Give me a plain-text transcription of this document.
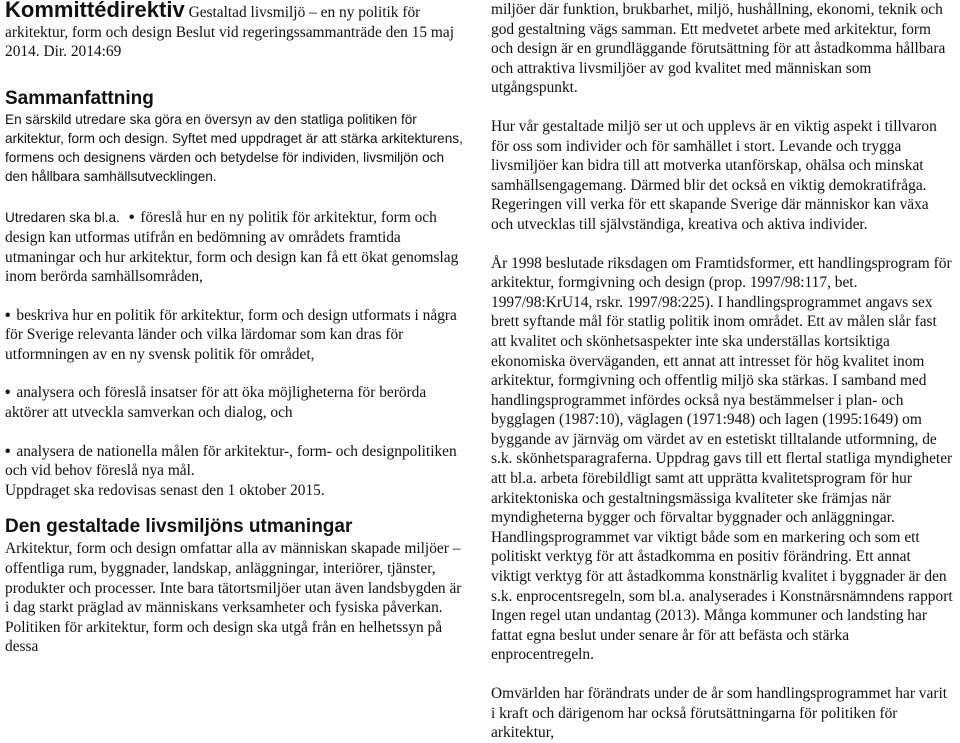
Kommittédirektiv Gestaltad livsmiljö – en ny politik för arkitektur, form och design Beslut vid regeringssammanträde den 15 maj 2014. Dir. 2014:69
Sammanfattning

En särskild utredare ska göra en översyn av den statliga politiken för arkitektur, form och design. Syftet med uppdraget är att stärka arkitekturens, formens och designens värden och betydelse för individen, livsmiljön och den hållbara samhällsutvecklingen.

Utredaren ska bl.a.

•	föreslå hur en ny politik för arkitektur, form och design kan utformas utifrån en bedömning av områdets framtida utmaningar och hur arkitektur, form och design kan få ett ökat genomslag inom berörda samhällsområden,

• beskriva hur en politik för arkitektur, form och design utformats i några för Sverige relevanta länder och vilka lärdomar som kan dras för utformningen av en ny svensk politik för området,

• analysera och föreslå insatser för att öka möjligheterna för berörda aktörer att utveckla samverkan och dialog, och

• analysera de nationella målen för arkitektur-, form- och designpolitiken och vid behov föreslå nya mål.

Uppdraget ska redovisas senast den 1 oktober 2015.

Den gestaltade livsmiljöns utmaningar

Arkitektur, form och design omfattar alla av människan skapade miljöer – offentliga rum, byggnader, landskap, anläggningar, interiörer, tjänster, produkter och processer. Inte bara tätortsmiljöer utan även landsbygden är i dag starkt präglad av människans verksamheter och fysiska påverkan. Politiken för arkitektur, form och design ska utgå från en helhetssyn på dessa

miljöer där funktion, brukbarhet, miljö, hushållning, ekonomi, teknik och god gestaltning vägs samman. Ett medvetet arbete med arkitektur, form och design är en grundläggande förutsättning för att åstadkomma hållbara och attraktiva livsmiljöer av god kvalitet med människan som utgångspunkt.

Hur vår gestaltade miljö ser ut och upplevs är en viktig aspekt i tillvaron för oss som individer och för samhället i stort. Levande och trygga livsmiljöer kan bidra till att motverka utanförskap, ohälsa och minskat samhällsengagemang. Därmed blir det också en viktig demokratifråga. Regeringen vill verka för ett skapande Sverige där människor kan växa och utvecklas till självständiga, kreativa och aktiva individer.

År 1998 beslutade riksdagen om Framtidsformer, ett handlingsprogram för arkitektur, formgivning och design (prop. 1997/98:117, bet. 1997/98:KrU14, rskr. 1997/98:225). I handlingsprogrammet angavs sex brett syftande mål för statlig politik inom området. Ett av målen slår fast att kvalitet och skönhetsaspekter inte ska underställas kortsiktiga ekonomiska överväganden, ett annat att intresset för hög kvalitet inom arkitektur, formgivning och offentlig miljö ska stärkas. I samband med handlingsprogrammet infördes också nya bestämmelser i plan- och bygglagen (1987:10), väglagen (1971:948) och lagen (1995:1649) om byggande av järnväg om värdet av en estetiskt tilltalande utformning, de s.k. skönhetsparagraferna. Uppdrag gavs till ett flertal statliga myndigheter att bl.a. arbeta förebildligt samt att upprätta kvalitetsprogram för hur arkitektoniska och gestaltningsmässiga kvaliteter ske främjas när myndigheterna bygger och förvaltar byggnader och anläggningar. Handlingsprogrammet var viktigt både som en markering och som ett politiskt verktyg för att åstadkomma en positiv förändring. Ett annat viktigt verktyg för att åstadkomma konstnärlig kvalitet i byggnader är den s.k. enprocentsregeln, som bl.a. analyserades i Konstnärsnämndens rapport Ingen regel utan undantag (2013). Många kommuner och landsting har fattat egna beslut under senare år för att befästa och stärka enprocentregeln.

Omvärlden har förändrats under de år som handlingsprogrammet har varit i kraft och därigenom har också förutsättningarna för politiken för arkitektur,
